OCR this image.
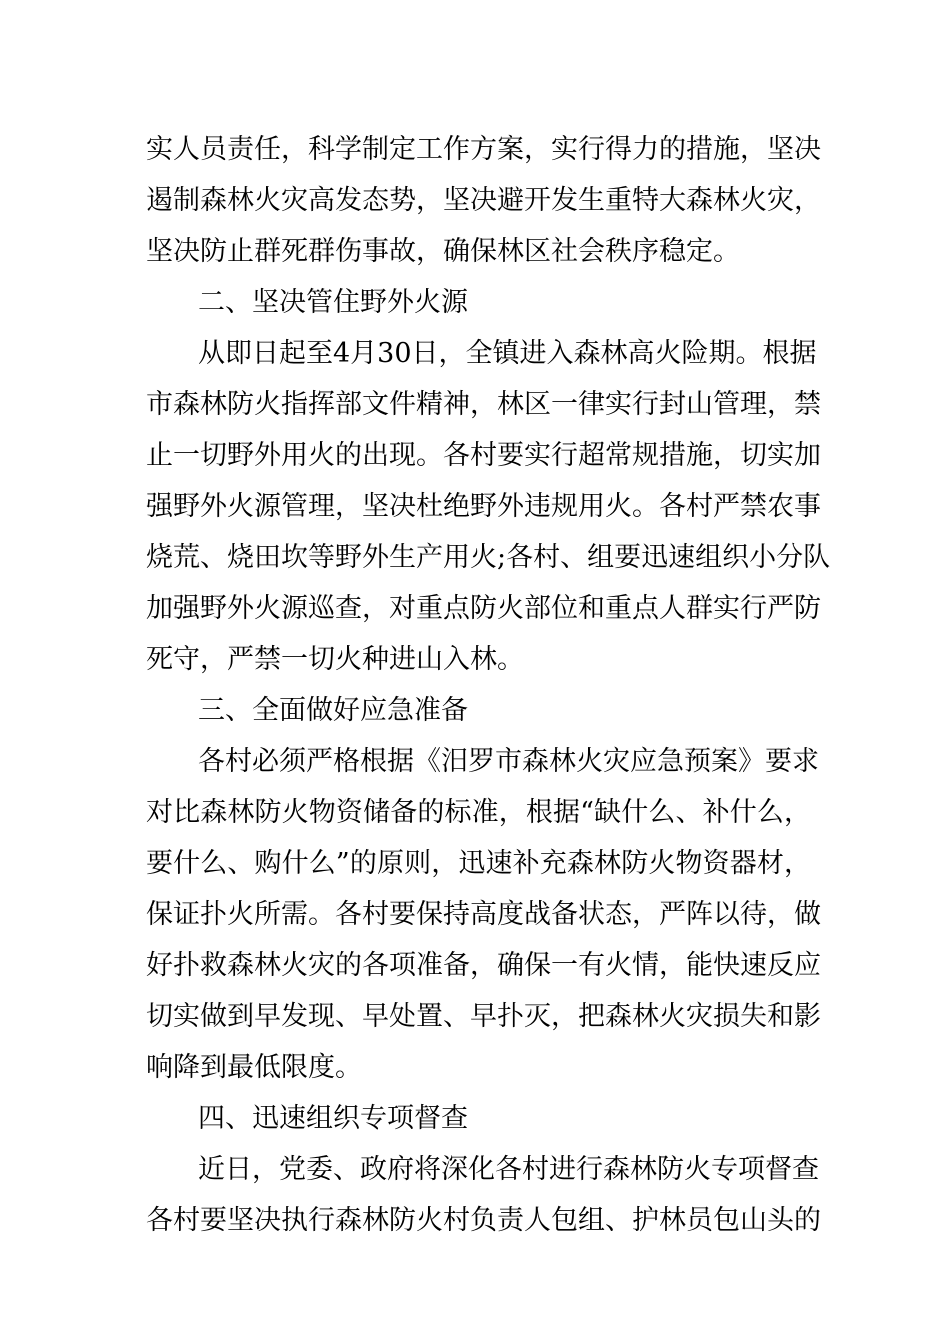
实人员责任，科学制定工作方案，实行得力的措施，坚决
遏制森林火灾高发态势，坚决避开发生重特大森林火灾，
坚决防止群死群伤事故，确保林区社会秩序稳定。
二、坚决管住野外火源
从即日起至4月30日，全镇进入森林高火险期。根据
市森林防火指挥部文件精神，林区一律实行封山管理，禁
止一切野外用火的出现。各村要实行超常规措施，切实加
强野外火源管理，坚决杜绝野外违规用火。各村严禁农事
烧荒、烧田坎等野外生产用火;各村、组要迅速组织小分队
加强野外火源巡查，对重点防火部位和重点人群实行严防
死守，严禁一切火种进山入林。
三、全面做好应急准备
各村必须严格根据《汨罗市森林火灾应急预案》要求
对比森林防火物资储备的标准，根据“缺什么、补什么，
要什么、购什么”的原则，迅速补充森林防火物资器材，
保证扑火所需。各村要保持高度战备状态，严阵以待，做
好扑救森林火灾的各项准备，确保一有火情，能快速反应
切实做到早发现、早处置、早扑灭，把森林火灾损失和影
响降到最低限度。
四、迅速组织专项督查
近日，党委、政府将深化各村进行森林防火专项督查
各村要坚决执行森林防火村负责人包组、护林员包山头的
